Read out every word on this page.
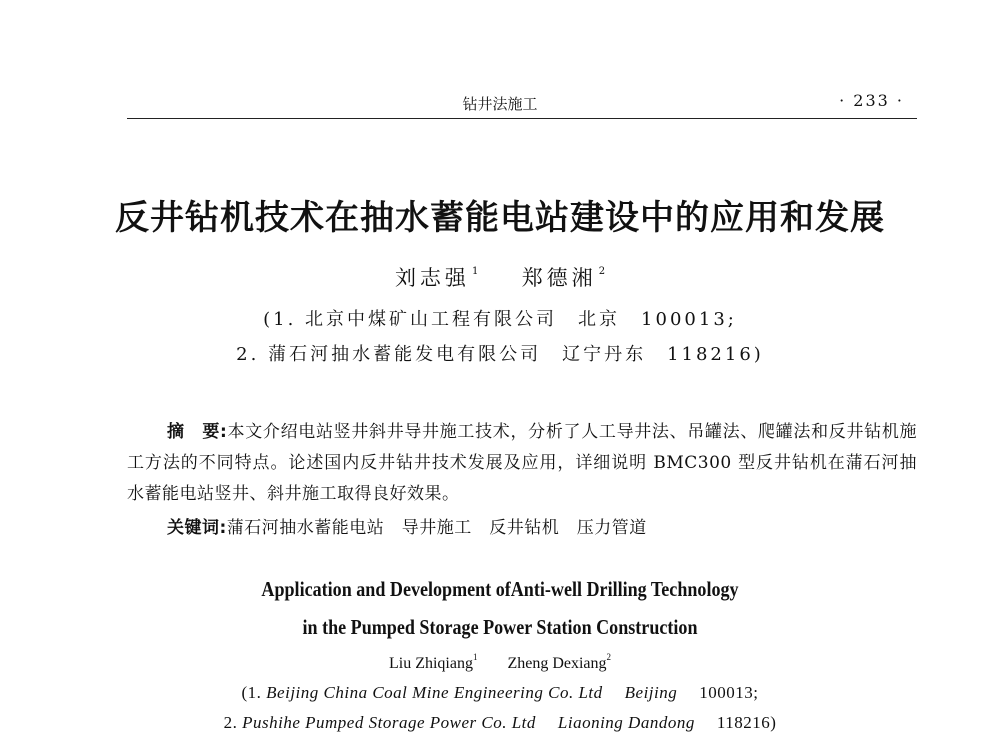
钻井法施工	· 233 ·
反井钻机技术在抽水蓄能电站建设中的应用和发展
刘志强 $^1$ 郑德湘 $^2$
(1. 北京中煤矿山工程有限公司　北京　100013;
2. 蒲石河抽水蓄能发电有限公司　辽宁丹东　118216)
摘　要:本文介绍电站竖井斜井导井施工技术，分析了人工导井法、吊罐法、爬罐法和反井钻机施工方法的不同特点。论述国内反井钻井技术发展及应用，详细说明 BMC300 型反井钻机在蒲石河抽水蓄能电站竖井、斜井施工取得良好效果。
关键词:蒲石河抽水蓄能电站　导井施工　反井钻机　压力管道
Application and Development ofAnti-well Drilling Technology
in the Pumped Storage Power Station Construction
Liu Zhiqiang$^1$ Zheng Dexiang$^2$
(1. Beijing China Coal Mine Engineering Co. Ltd Beijing 100013;
2. Pushihe Pumped Storage Power Co. Ltd Liaoning Dandong 118216)
